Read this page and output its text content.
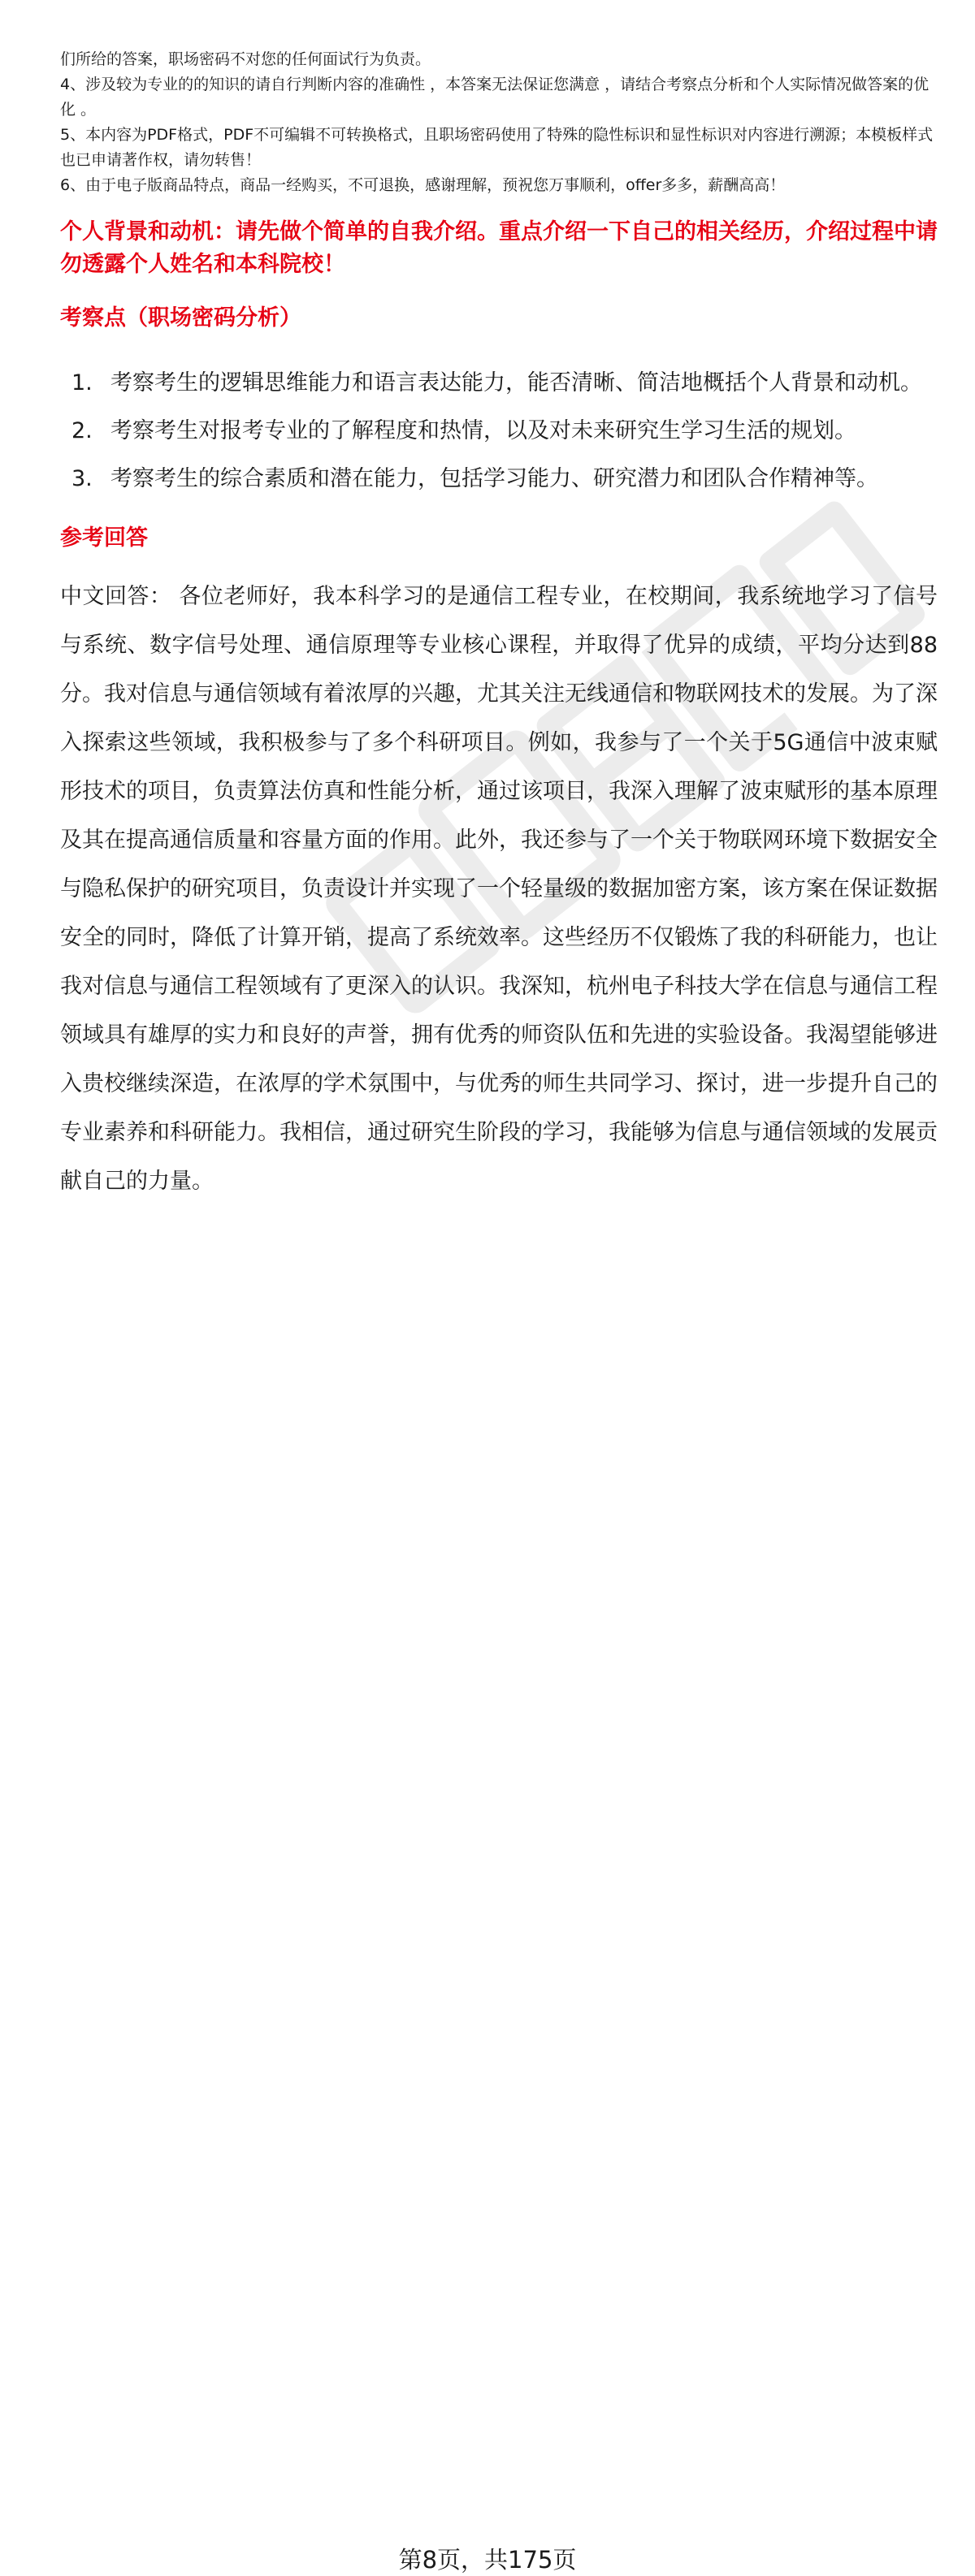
们所给的答案，职场密码不对您的任何面试行为负责。

4、涉及较为专业的的知识的请自行判断内容的准确性 ，本答案无法保证您满意 ，请结合考察点分析和个人实际情况做答案的优化 。

5、本内容为PDF格式，PDF不可编辑不可转换格式，且职场密码使用了特殊的隐性标识和显性标识对内容进行溯源；本模板样式也已申请著作权，请勿转售！

6、由于电子版商品特点，商品一经购买，不可退换，感谢理解，预祝您万事顺利，offer多多，薪酬高高！

个人背景和动机：请先做个简单的自我介绍。重点介绍一下自己的相关经历，介绍过程中请勿透露个人姓名和本科院校！

考察点（职场密码分析）

1. 考察考生的逻辑思维能力和语言表达能力，能否清晰、简洁地概括个人背景和动机。
2. 考察考生对报考专业的了解程度和热情，以及对未来研究生学习生活的规划。
3. 考察考生的综合素质和潜在能力，包括学习能力、研究潜力和团队合作精神等。

参考回答

中文回答： 各位老师好，我本科学习的是通信工程专业，在校期间，我系统地学习了信号与系统、数字信号处理、通信原理等专业核心课程，并取得了优异的成绩，平均分达到88分。我对信息与通信领域有着浓厚的兴趣，尤其关注无线通信和物联网技术的发展。为了深入探索这些领域，我积极参与了多个科研项目。例如，我参与了一个关于5G通信中波束赋形技术的项目，负责算法仿真和性能分析，通过该项目，我深入理解了波束赋形的基本原理及其在提高通信质量和容量方面的作用。此外，我还参与了一个关于物联网环境下数据安全与隐私保护的研究项目，负责设计并实现了一个轻量级的数据加密方案，该方案在保证数据安全的同时，降低了计算开销，提高了系统效率。这些经历不仅锻炼了我的科研能力，也让我对信息与通信工程领域有了更深入的认识。我深知，杭州电子科技大学在信息与通信工程领域具有雄厚的实力和良好的声誉，拥有优秀的师资队伍和先进的实验设备。我渴望能够进入贵校继续深造，在浓厚的学术氛围中，与优秀的师生共同学习、探讨，进一步提升自己的专业素养和科研能力。我相信，通过研究生阶段的学习，我能够为信息与通信领域的发展贡献自己的力量。

第8页，共175页
